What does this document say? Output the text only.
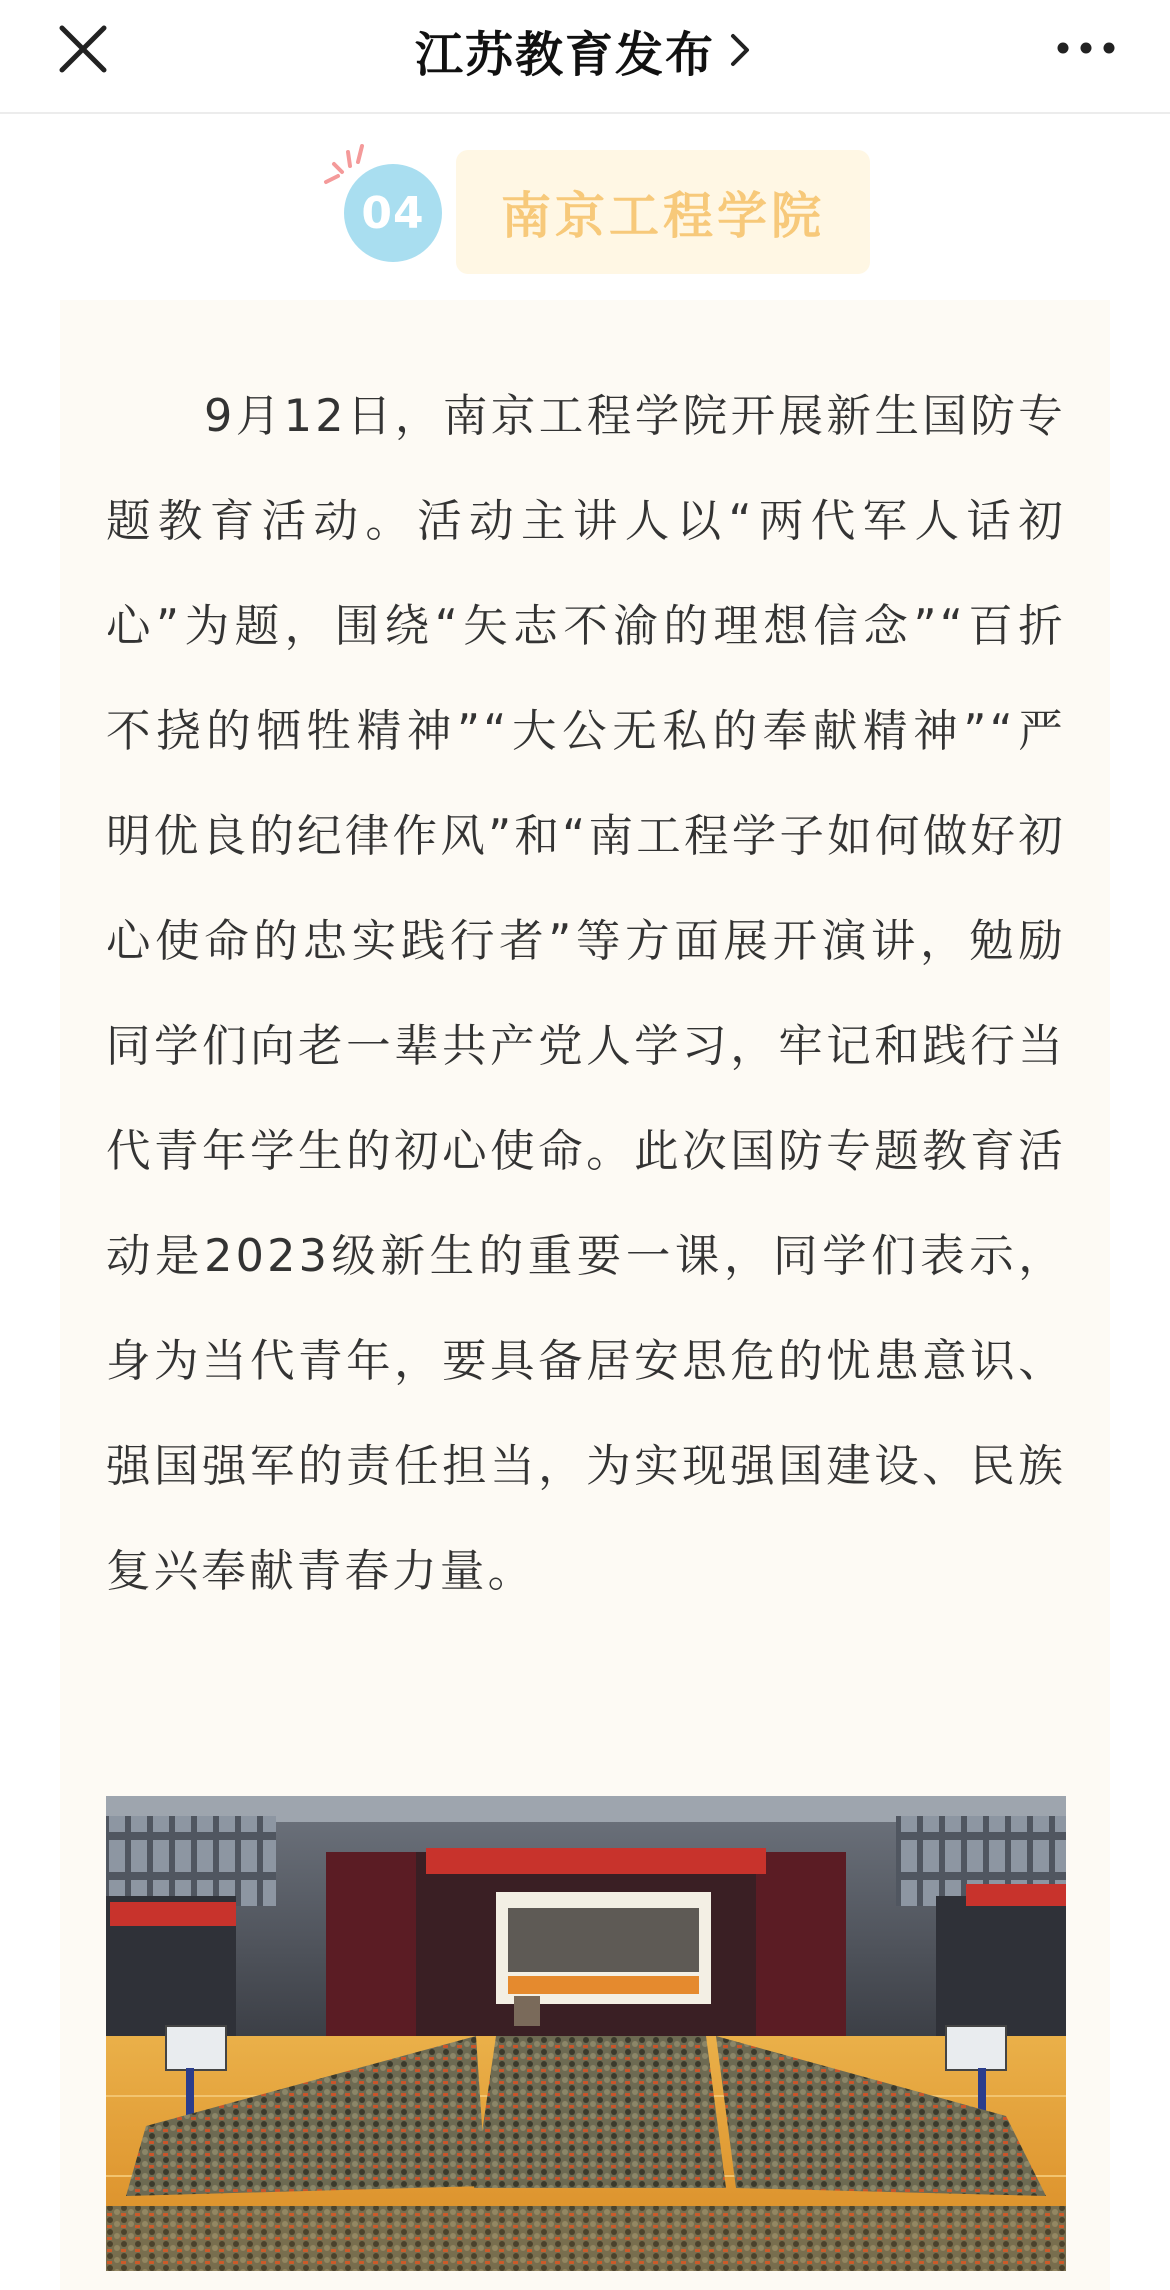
江苏教育发布
04	南京工程学院

9月12日，南京工程学院开展新生国防专题教育活动。活动主讲人以“两代军人话初心”为题，围绕“矢志不渝的理想信念”“百折不挠的牺牲精神”“大公无私的奉献精神”“严明优良的纪律作风”和“南工程学子如何做好初心使命的忠实践行者”等方面展开演讲，勉励同学们向老一辈共产党人学习，牢记和践行当代青年学生的初心使命。此次国防专题教育活动是2023级新生的重要一课，同学们表示，身为当代青年，要具备居安思危的忧患意识、强国强军的责任担当，为实现强国建设、民族复兴奉献青春力量。
